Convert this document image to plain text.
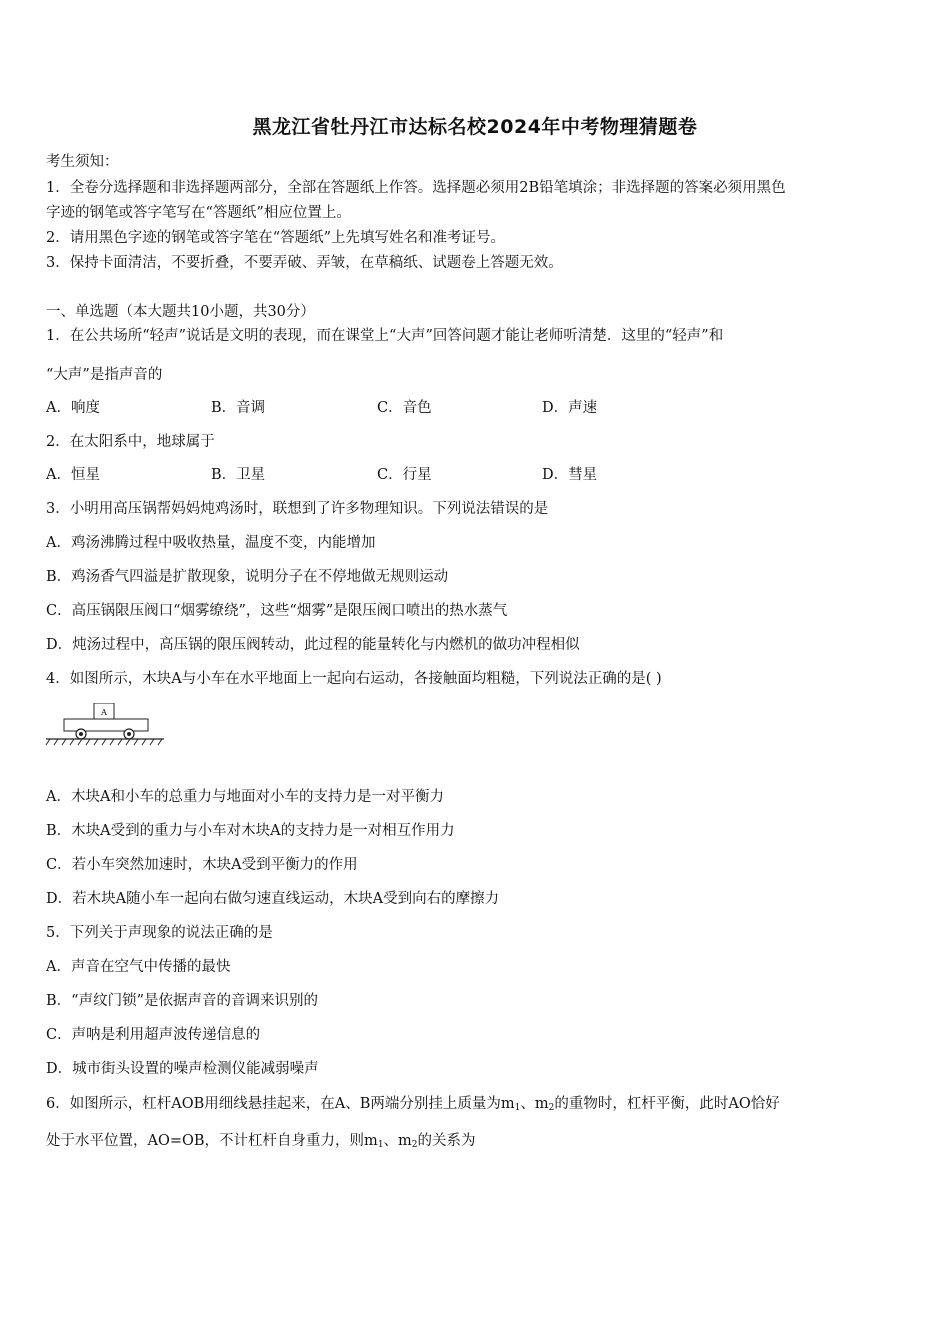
黑龙江省牡丹江市达标名校2024年中考物理猜题卷
考生须知：
1．全卷分选择题和非选择题两部分，全部在答题纸上作答。选择题必须用2B铅笔填涂；非选择题的答案必须用黑色
字迹的钢笔或答字笔写在“答题纸”相应位置上。
2．请用黑色字迹的钢笔或答字笔在“答题纸”上先填写姓名和准考证号。
3．保持卡面清洁，不要折叠，不要弄破、弄皱，在草稿纸、试题卷上答题无效。
一、单选题（本大题共10小题，共30分）
1．在公共场所“轻声”说话是文明的表现，而在课堂上“大声”回答问题才能让老师听清楚．这里的“轻声”和
“大声”是指声音的
A．响度	B．音调	C．音色	D．声速
2．在太阳系中，地球属于
A．恒星	B．卫星	C．行星	D．彗星
3．小明用高压锅帮妈妈炖鸡汤时，联想到了许多物理知识。下列说法错误的是
A．鸡汤沸腾过程中吸收热量，温度不变，内能增加
B．鸡汤香气四溢是扩散现象，说明分子在不停地做无规则运动
C．高压锅限压阀口“烟雾缭绕”，这些“烟雾”是限压阀口喷出的热水蒸气
D．炖汤过程中，高压锅的限压阀转动，此过程的能量转化与内燃机的做功冲程相似
4．如图所示，木块A与小车在水平地面上一起向右运动，各接触面均粗糙，下列说法正确的是( )
A
A．木块A和小车的总重力与地面对小车的支持力是一对平衡力
B．木块A受到的重力与小车对木块A的支持力是一对相互作用力
C．若小车突然加速时，木块A受到平衡力的作用
D．若木块A随小车一起向右做匀速直线运动，木块A受到向右的摩擦力
5．下列关于声现象的说法正确的是
A．声音在空气中传播的最快
B．“声纹门锁”是依据声音的音调来识别的
C．声呐是利用超声波传递信息的
D．城市街头设置的噪声检测仪能减弱噪声
6．如图所示，杠杆AOB用细线悬挂起来，在A、B两端分别挂上质量为$m_1$、$m_2$的重物时，杠杆平衡，此时AO恰好
处于水平位置，AO=OB，不计杠杆自身重力，则$m_1$、$m_2$的关系为
